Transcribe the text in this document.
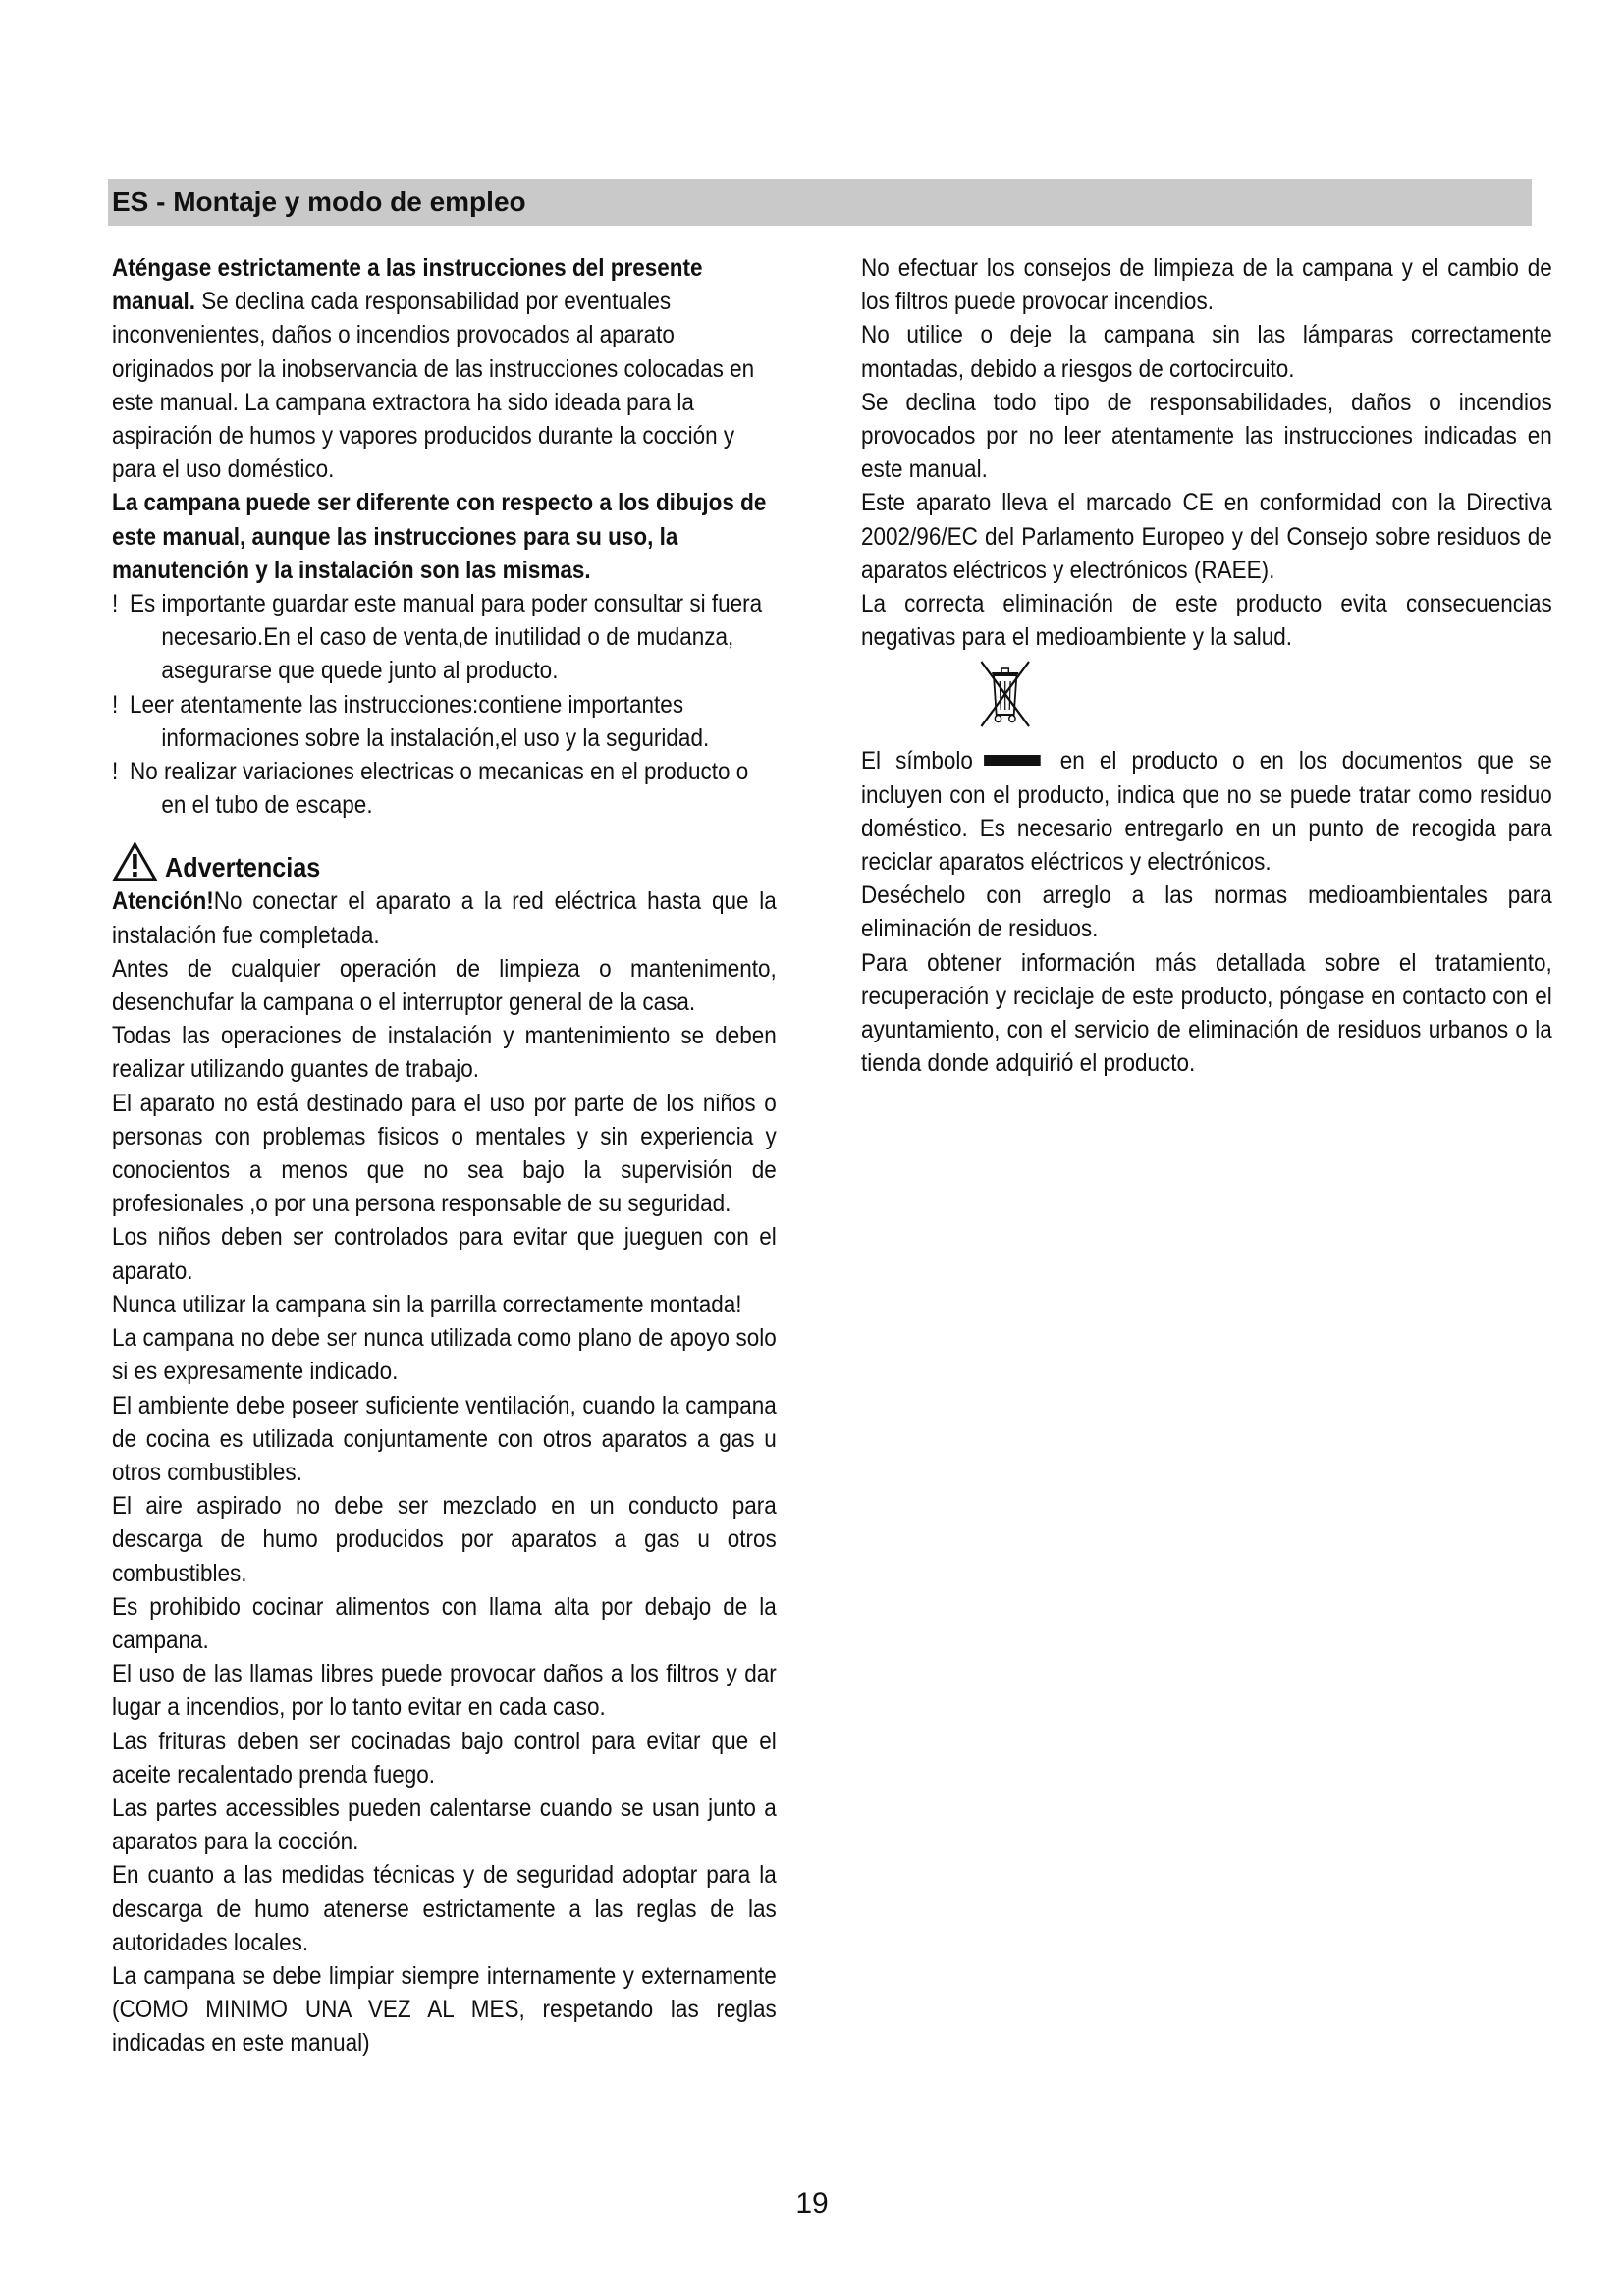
ES - Montaje y modo de empleo

Aténgase estrictamente a las instrucciones del presente manual. Se declina cada responsabilidad por eventuales inconvenientes, daños o incendios provocados al aparato originados por la inobservancia de las instrucciones colocadas en este manual. La campana extractora ha sido ideada para la aspiración de humos y vapores producidos durante la cocción y para el uso doméstico.

La campana puede ser diferente con respecto a los dibujos de este manual, aunque las instrucciones para su uso, la manutención y la instalación son las mismas.

! Es importante guardar este manual para poder consultar si fuera necesario.En el caso de venta,de inutilidad o de mudanza, asegurarse que quede junto al producto.

! Leer atentamente las instrucciones:contiene importantes informaciones sobre la instalación,el uso y la seguridad.

! No realizar variaciones electricas o mecanicas en el producto o en el tubo de escape.

Advertencias

Atención!No conectar el aparato a la red eléctrica hasta que la instalación fue completada.

Antes de cualquier operación de limpieza o mantenimento, desenchufar la campana o el interruptor general de la casa.

Todas las operaciones de instalación y mantenimiento se deben realizar utilizando guantes de trabajo.

El aparato no está destinado para el uso por parte de los niños o personas con problemas fisicos o mentales y sin experiencia y conocientos a menos que no sea bajo la supervisión de profesionales ,o por una persona responsable de su seguridad.

Los niños deben ser controlados para evitar que jueguen con el aparato.

Nunca utilizar la campana sin la parrilla correctamente montada!

La campana no debe ser nunca utilizada como plano de apoyo solo si es expresamente indicado.

El ambiente debe poseer suficiente ventilación, cuando la campana de cocina es utilizada conjuntamente con otros aparatos a gas u otros combustibles.

El aire aspirado no debe ser mezclado en un conducto para descarga de humo producidos por aparatos a gas u otros combustibles.

Es prohibido cocinar alimentos con llama alta por debajo de la campana.

El uso de las llamas libres puede provocar daños a los filtros y dar lugar a incendios, por lo tanto evitar en cada caso.

Las frituras deben ser cocinadas bajo control para evitar que el aceite recalentado prenda fuego.

Las partes accessibles pueden calentarse cuando se usan junto a aparatos para la cocción.

En cuanto a las medidas técnicas y de seguridad adoptar para la descarga de humo atenerse estrictamente a las reglas de las autoridades locales.

La campana se debe limpiar siempre internamente y externamente (COMO MINIMO UNA VEZ AL MES, respetando las reglas indicadas en este manual)

No efectuar los consejos de limpieza de la campana y el cambio de los filtros puede provocar incendios.

No utilice o deje la campana sin las lámparas correctamente montadas, debido a riesgos de cortocircuito.

Se declina todo tipo de responsabilidades, daños o incendios provocados por no leer atentamente las instrucciones indicadas en este manual.

Este aparato lleva el marcado CE en conformidad con la Directiva 2002/96/EC del Parlamento Europeo y del Consejo sobre residuos de aparatos eléctricos y electrónicos (RAEE).

La correcta eliminación de este producto evita consecuencias negativas para el medioambiente y la salud.

El símbolo	en el producto o en los documentos que se incluyen con el producto, indica que no se puede tratar como residuo doméstico. Es necesario entregarlo en un punto de recogida para reciclar aparatos eléctricos y electrónicos.

Deséchelo con arreglo a las normas medioambientales para eliminación de residuos.

Para obtener información más detallada sobre el tratamiento, recuperación y reciclaje de este producto, póngase en contacto con el ayuntamiento, con el servicio de eliminación de residuos urbanos o la tienda donde adquirió el producto.

19
